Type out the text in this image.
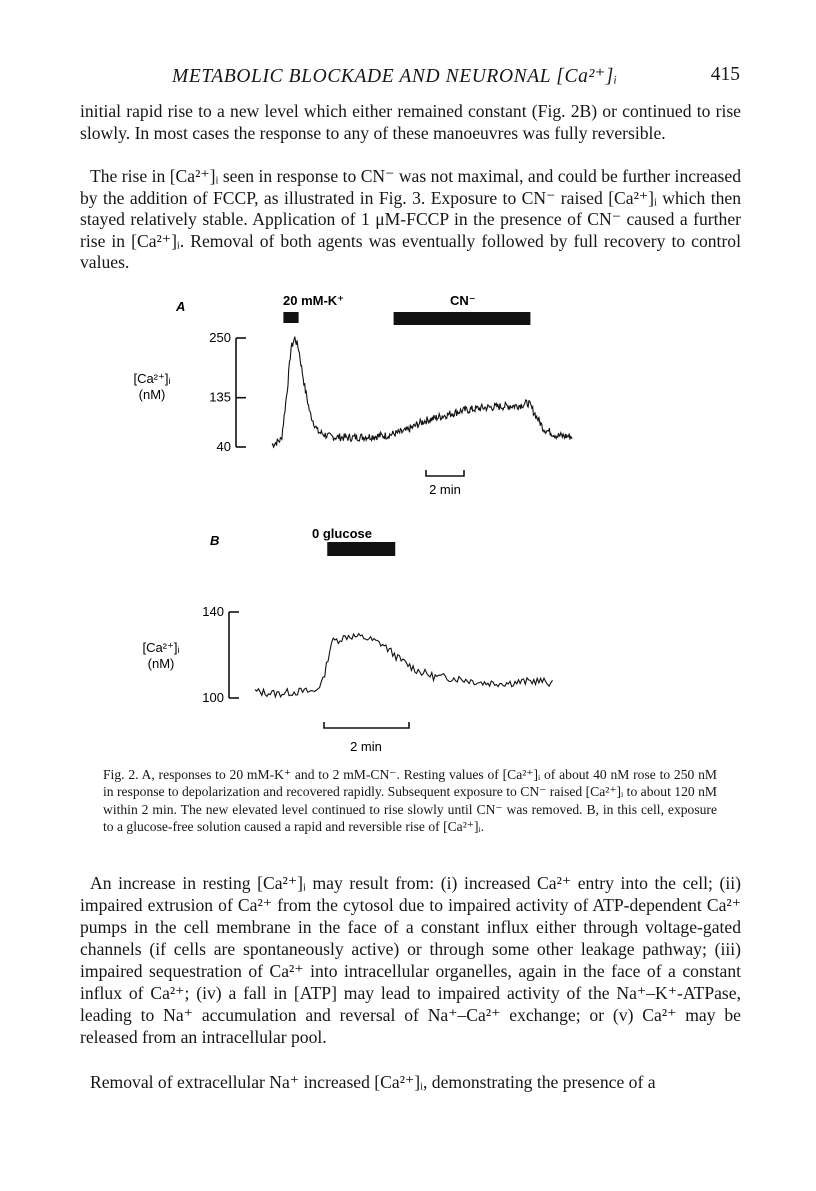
METABOLIC BLOCKADE AND NEURONAL [Ca²⁺]ᵢ	415

initial rapid rise to a new level which either remained constant (Fig. 2B) or continued to rise slowly. In most cases the response to any of these manoeuvres was fully reversible.

The rise in [Ca²⁺]ᵢ seen in response to CN⁻ was not maximal, and could be further increased by the addition of FCCP, as illustrated in Fig. 3. Exposure to CN⁻ raised [Ca²⁺]ᵢ which then stayed relatively stable. Application of 1 μM-FCCP in the presence of CN⁻ caused a further rise in [Ca²⁺]ᵢ. Removal of both agents was eventually followed by full recovery to control values.

A	20 mM-K⁺	CN⁻
[Ca²⁺]ᵢ
(nM)
250
135
40
2 min
B	0 glucose
[Ca²⁺]ᵢ
(nM)
140
100
2 min

Fig. 2. A, responses to 20 mM-K⁺ and to 2 mM-CN⁻. Resting values of [Ca²⁺]ᵢ of about 40 nM rose to 250 nM in response to depolarization and recovered rapidly. Subsequent exposure to CN⁻ raised [Ca²⁺]ᵢ to about 120 nM within 2 min. The new elevated level continued to rise slowly until CN⁻ was removed. B, in this cell, exposure to a glucose-free solution caused a rapid and reversible rise of [Ca²⁺]ᵢ.

An increase in resting [Ca²⁺]ᵢ may result from: (i) increased Ca²⁺ entry into the cell; (ii) impaired extrusion of Ca²⁺ from the cytosol due to impaired activity of ATP-dependent Ca²⁺ pumps in the cell membrane in the face of a constant influx either through voltage-gated channels (if cells are spontaneously active) or through some other leakage pathway; (iii) impaired sequestration of Ca²⁺ into intracellular organelles, again in the face of a constant influx of Ca²⁺; (iv) a fall in [ATP] may lead to impaired activity of the Na⁺–K⁺-ATPase, leading to Na⁺ accumulation and reversal of Na⁺–Ca²⁺ exchange; or (v) Ca²⁺ may be released from an intracellular pool.

Removal of extracellular Na⁺ increased [Ca²⁺]ᵢ, demonstrating the presence of a
